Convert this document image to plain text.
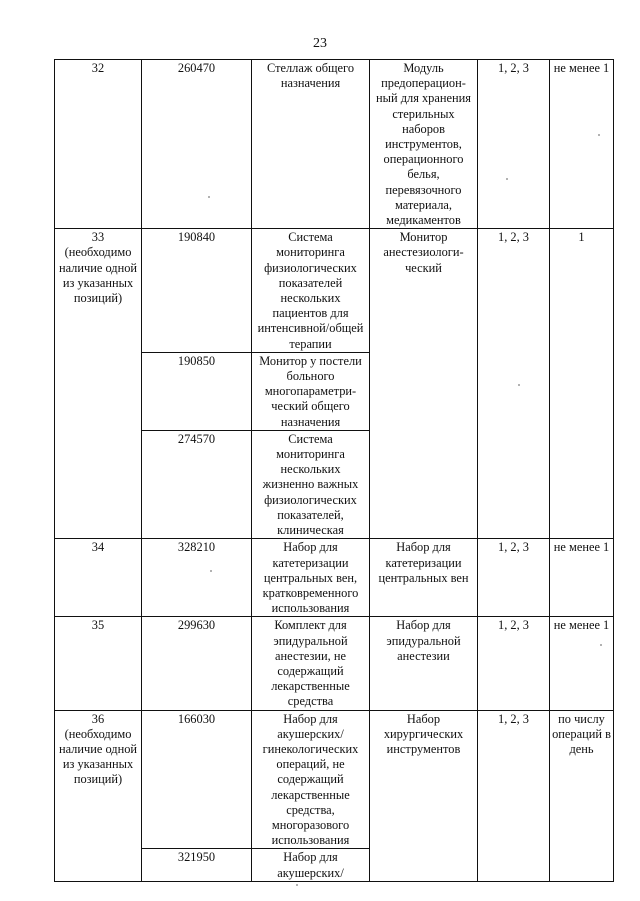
23
32	260470	Стеллаж общего назначения	Модуль предоперацион-ный для хранения стерильных наборов инструментов, операционного белья, перевязочного материала, медикаментов	1, 2, 3	не менее 1
33 (необходимо наличие одной из указанных позиций)	190840	Система мониторинга физиологических показателей нескольких пациентов для интенсивной/общей терапии	Монитор анестезиологи-ческий	1, 2, 3	1
	190850	Монитор у постели больного многопараметри-ческий общего назначения			
	274570	Система мониторинга нескольких жизненно важных физиологических показателей, клиническая			
34	328210	Набор для катетеризации центральных вен, кратковременного использования	Набор для катетеризации центральных вен	1, 2, 3	не менее 1
35	299630	Комплект для эпидуральной анестезии, не содержащий лекарственные средства	Набор для эпидуральной анестезии	1, 2, 3	не менее 1
36 (необходимо наличие одной из указанных позиций)	166030	Набор для акушерских/ гинекологических операций, не содержащий лекарственные средства, многоразового использования	Набор хирургических инструментов	1, 2, 3	по числу операций в день
	321950	Набор для акушерских/			
